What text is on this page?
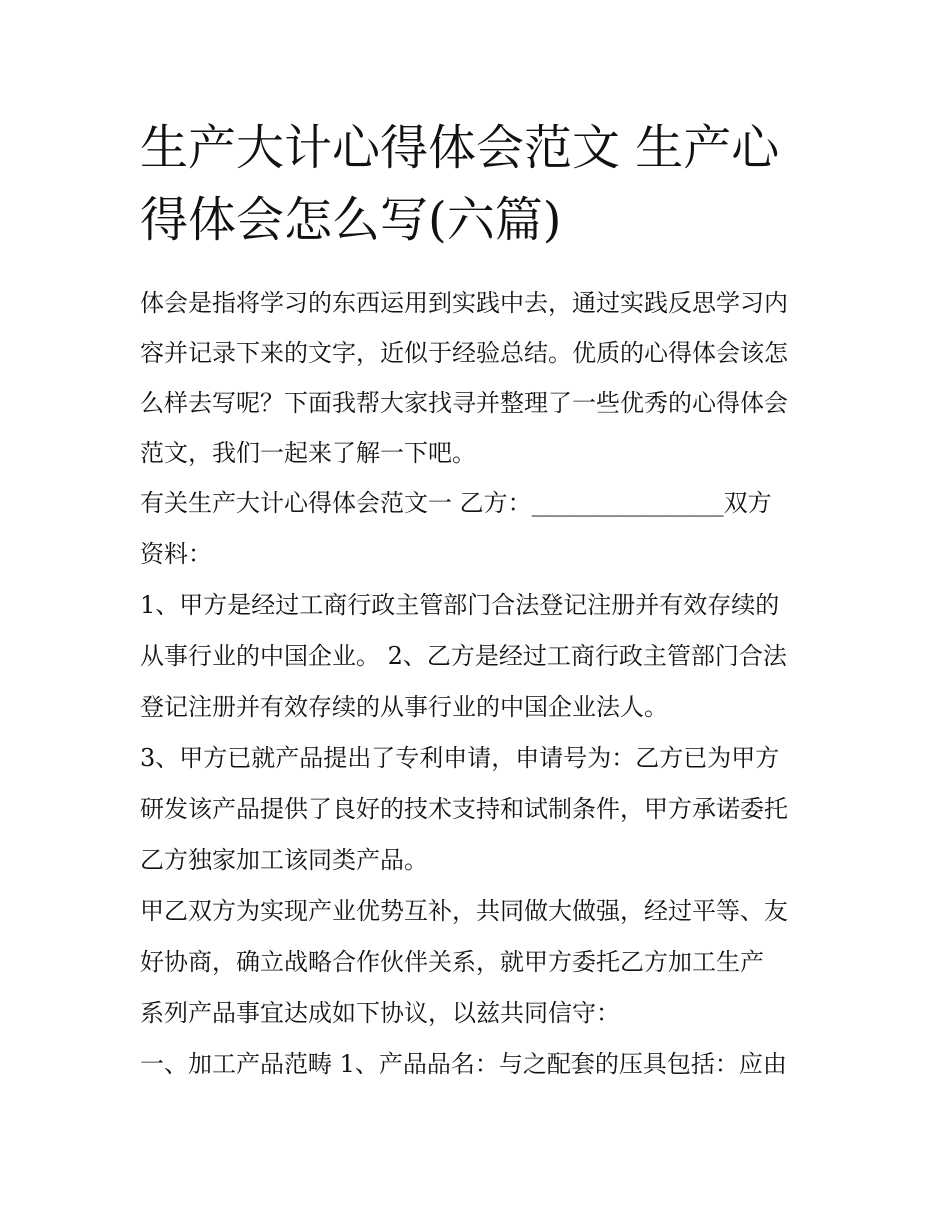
生产大计心得体会范文 生产心
得体会怎么写(六篇)
体会是指将学习的东西运用到实践中去，通过实践反思学习内
容并记录下来的文字，近似于经验总结。优质的心得体会该怎
么样去写呢？下面我帮大家找寻并整理了一些优秀的心得体会
范文，我们一起来了解一下吧。
有关生产大计心得体会范文一 乙方：________________双方
资料：
1、甲方是经过工商行政主管部门合法登记注册并有效存续的
从事行业的中国企业。 2、乙方是经过工商行政主管部门合法
登记注册并有效存续的从事行业的中国企业法人。
3、甲方已就产品提出了专利申请，申请号为：乙方已为甲方
研发该产品提供了良好的技术支持和试制条件，甲方承诺委托
乙方独家加工该同类产品。
甲乙双方为实现产业优势互补，共同做大做强，经过平等、友
好协商，确立战略合作伙伴关系，就甲方委托乙方加工生产
系列产品事宜达成如下协议，以兹共同信守：
一、加工产品范畴 1、产品品名：与之配套的压具包括：应由
